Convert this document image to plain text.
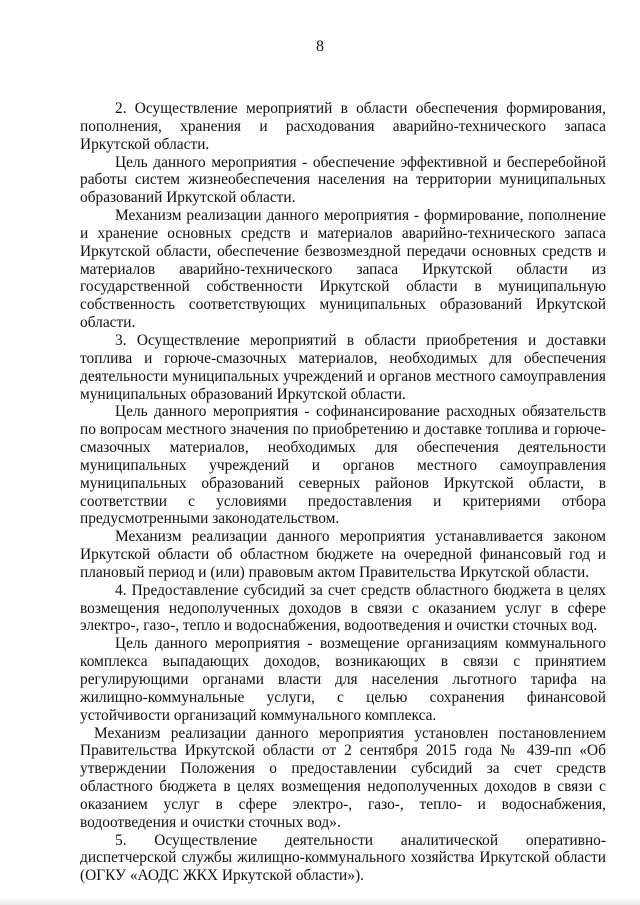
8

2. Осуществление мероприятий в области обеспечения формирования, пополнения, хранения и расходования аварийно-технического запаса Иркутской области.

Цель данного мероприятия - обеспечение эффективной и бесперебойной работы систем жизнеобеспечения населения на территории муниципальных образований Иркутской области.

Механизм реализации данного мероприятия - формирование, пополнение и хранение основных средств и материалов аварийно-технического запаса Иркутской области, обеспечение безвозмездной передачи основных средств и материалов аварийно-технического запаса Иркутской области из государственной собственности Иркутской области в муниципальную собственность соответствующих муниципальных образований Иркутской области.

3. Осуществление мероприятий в области приобретения и доставки топлива и горюче-смазочных материалов, необходимых для обеспечения деятельности муниципальных учреждений и органов местного самоуправления муниципальных образований Иркутской области.

Цель данного мероприятия - софинансирование расходных обязательств по вопросам местного значения по приобретению и доставке топлива и горюче-смазочных материалов, необходимых для обеспечения деятельности муниципальных учреждений и органов местного самоуправления муниципальных образований северных районов Иркутской области, в соответствии с условиями предоставления и критериями отбора предусмотренными законодательством.

Механизм реализации данного мероприятия устанавливается законом Иркутской области об областном бюджете на очередной финансовый год и плановый период и (или) правовым актом Правительства Иркутской области.

4. Предоставление субсидий за счет средств областного бюджета в целях возмещения недополученных доходов в связи с оказанием услуг в сфере электро-, газо-, тепло и водоснабжения, водоотведения и очистки сточных вод.

Цель данного мероприятия - возмещение организациям коммунального комплекса выпадающих доходов, возникающих в связи с принятием регулирующими органами власти для населения льготного тарифа на жилищно-коммунальные услуги, с целью сохранения финансовой устойчивости организаций коммунального комплекса.

Механизм реализации данного мероприятия установлен постановлением Правительства Иркутской области от 2 сентября 2015 года № 439-пп «Об утверждении Положения о предоставлении субсидий за счет средств областного бюджета в целях возмещения недополученных доходов в связи с оказанием услуг в сфере электро-, газо-, тепло- и водоснабжения, водоотведения и очистки сточных вод».

5. Осуществление деятельности аналитической оперативно-диспетчерской службы жилищно-коммунального хозяйства Иркутской области (ОГКУ «АОДС ЖКХ Иркутской области»).
